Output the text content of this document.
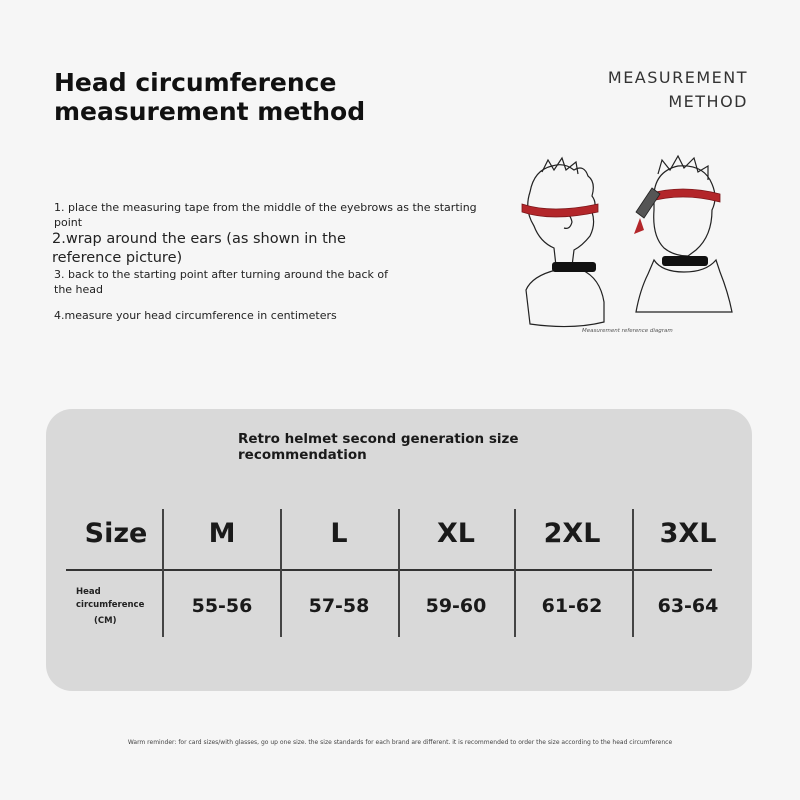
Head circumference
measurement method
MEASUREMENT
METHOD
1. place the measuring tape from the middle of the eyebrows as the starting point
2.wrap around the ears (as shown in the reference picture)
3. back to the starting point after turning around the back of the head
4.measure your head circumference in centimeters
Measurement reference diagram
Retro helmet second generation size
recommendation
Size	M	L	XL	2XL	3XL
Head
circumference
(CM)
55-56	57-58	59-60	61-62	63-64
Warm reminder: for card sizes/with glasses, go up one size. the size standards for each brand are different. it is recommended to order the size according to the head circumference
